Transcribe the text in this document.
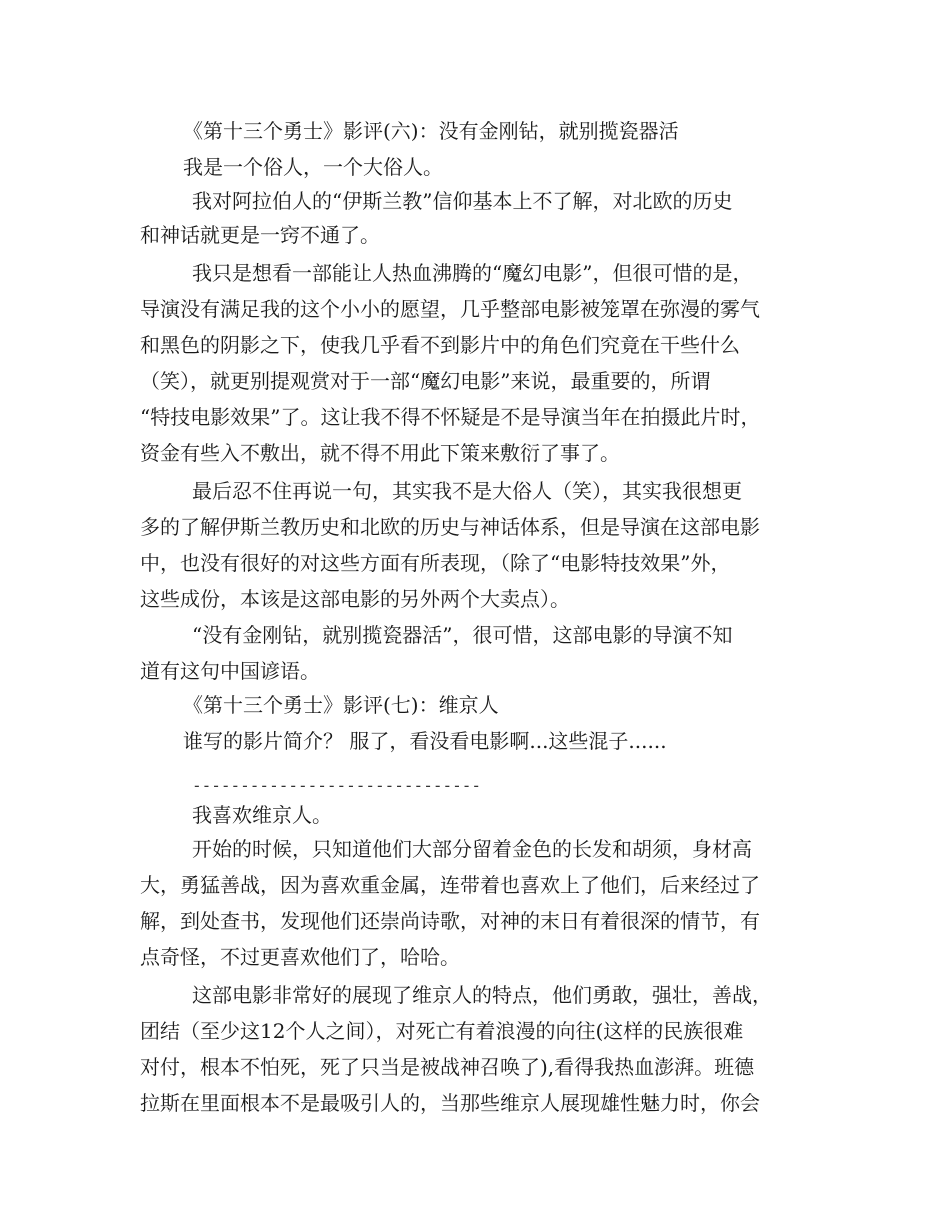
《第十三个勇士》影评(六)：没有金刚钻，就别揽瓷器活
我是一个俗人，一个大俗人。
我对阿拉伯人的“伊斯兰教”信仰基本上不了解，对北欧的历史
和神话就更是一窍不通了。
我只是想看一部能让人热血沸腾的“魔幻电影”，但很可惜的是，
导演没有满足我的这个小小的愿望，几乎整部电影被笼罩在弥漫的雾气
和黑色的阴影之下，使我几乎看不到影片中的角色们究竟在干些什么
（笑），就更别提观赏对于一部“魔幻电影”来说，最重要的，所谓
“特技电影效果”了。这让我不得不怀疑是不是导演当年在拍摄此片时，
资金有些入不敷出，就不得不用此下策来敷衍了事了。
最后忍不住再说一句，其实我不是大俗人（笑），其实我很想更
多的了解伊斯兰教历史和北欧的历史与神话体系，但是导演在这部电影
中，也没有很好的对这些方面有所表现，（除了“电影特技效果”外，
这些成份，本该是这部电影的另外两个大卖点）。
“没有金刚钻，就别揽瓷器活”，很可惜，这部电影的导演不知
道有这句中国谚语。
《第十三个勇士》影评(七)：维京人
谁写的影片简介？ 服了，看没看电影啊...这些混子......
------------------------------
我喜欢维京人。
开始的时候，只知道他们大部分留着金色的长发和胡须，身材高
大，勇猛善战，因为喜欢重金属，连带着也喜欢上了他们，后来经过了
解，到处查书，发现他们还崇尚诗歌，对神的末日有着很深的情节，有
点奇怪，不过更喜欢他们了，哈哈。
这部电影非常好的展现了维京人的特点，他们勇敢，强壮，善战，
团结（至少这12个人之间），对死亡有着浪漫的向往(这样的民族很难
对付，根本不怕死，死了只当是被战神召唤了),看得我热血澎湃。班德
拉斯在里面根本不是最吸引人的，当那些维京人展现雄性魅力时，你会
